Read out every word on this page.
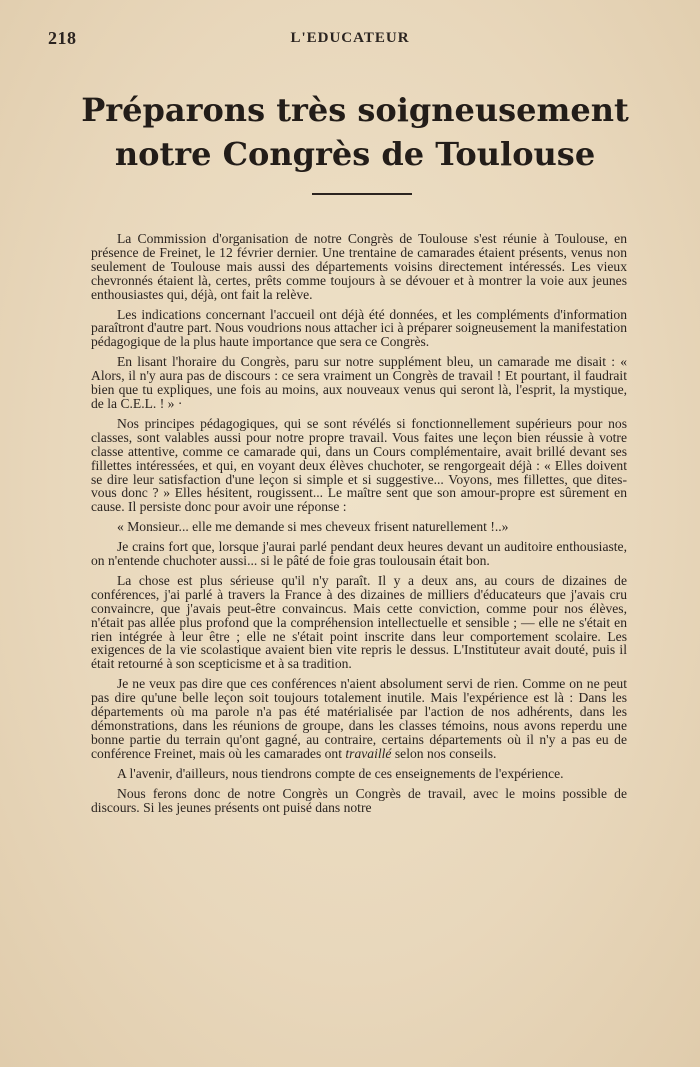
218	L'EDUCATEUR
Préparons très soigneusement
notre Congrès de Toulouse

La Commission d'organisation de notre Congrès de Toulouse s'est réunie à Toulouse, en présence de Freinet, le 12 février dernier. Une trentaine de camarades étaient présents, venus non seulement de Toulouse mais aussi des départements voisins directement intéressés. Les vieux chevronnés étaient là, certes, prêts comme toujours à se dévouer et à montrer la voie aux jeunes enthousiastes qui, déjà, ont fait la relève.

Les indications concernant l'accueil ont déjà été données, et les compléments d'information paraîtront d'autre part. Nous voudrions nous attacher ici à préparer soigneusement la manifestation pédagogique de la plus haute importance que sera ce Congrès.

En lisant l'horaire du Congrès, paru sur notre supplément bleu, un camarade me disait : « Alors, il n'y aura pas de discours : ce sera vraiment un Congrès de travail ! Et pourtant, il faudrait bien que tu expliques, une fois au moins, aux nouveaux venus qui seront là, l'esprit, la mystique, de la C.E.L. ! » ·

Nos principes pédagogiques, qui se sont révélés si fonctionnellement supérieurs pour nos classes, sont valables aussi pour notre propre travail. Vous faites une leçon bien réussie à votre classe attentive, comme ce camarade qui, dans un Cours complémentaire, avait brillé devant ses fillettes intéressées, et qui, en voyant deux élèves chuchoter, se rengorgeait déjà : « Elles doivent se dire leur satisfaction d'une leçon si simple et si suggestive... Voyons, mes fillettes, que dites-vous donc ? » Elles hésitent, rougissent... Le maître sent que son amour-propre est sûrement en cause. Il persiste donc pour avoir une réponse :

« Monsieur... elle me demande si mes cheveux frisent naturellement !..»

Je crains fort que, lorsque j'aurai parlé pendant deux heures devant un auditoire enthousiaste, on n'entende chuchoter aussi... si le pâté de foie gras toulousain était bon.

La chose est plus sérieuse qu'il n'y paraît. Il y a deux ans, au cours de dizaines de conférences, j'ai parlé à travers la France à des dizaines de milliers d'éducateurs que j'avais cru convaincre, que j'avais peut-être convaincus. Mais cette conviction, comme pour nos élèves, n'était pas allée plus profond que la compréhension intellectuelle et sensible ; — elle ne s'était en rien intégrée à leur être ; elle ne s'était point inscrite dans leur comportement scolaire. Les exigences de la vie scolastique avaient bien vite repris le dessus. L'Instituteur avait douté, puis il était retourné à son scepticisme et à sa tradition.

Je ne veux pas dire que ces conférences n'aient absolument servi de rien. Comme on ne peut pas dire qu'une belle leçon soit toujours totalement inutile. Mais l'expérience est là : Dans les départements où ma parole n'a pas été matérialisée par l'action de nos adhérents, dans les démonstrations, dans les réunions de groupe, dans les classes témoins, nous avons reperdu une bonne partie du terrain qu'ont gagné, au contraire, certains départements où il n'y a pas eu de conférence Freinet, mais où les camarades ont travaillé selon nos conseils.

A l'avenir, d'ailleurs, nous tiendrons compte de ces enseignements de l'expérience.

Nous ferons donc de notre Congrès un Congrès de travail, avec le moins possible de discours. Si les jeunes présents ont puisé dans notre
